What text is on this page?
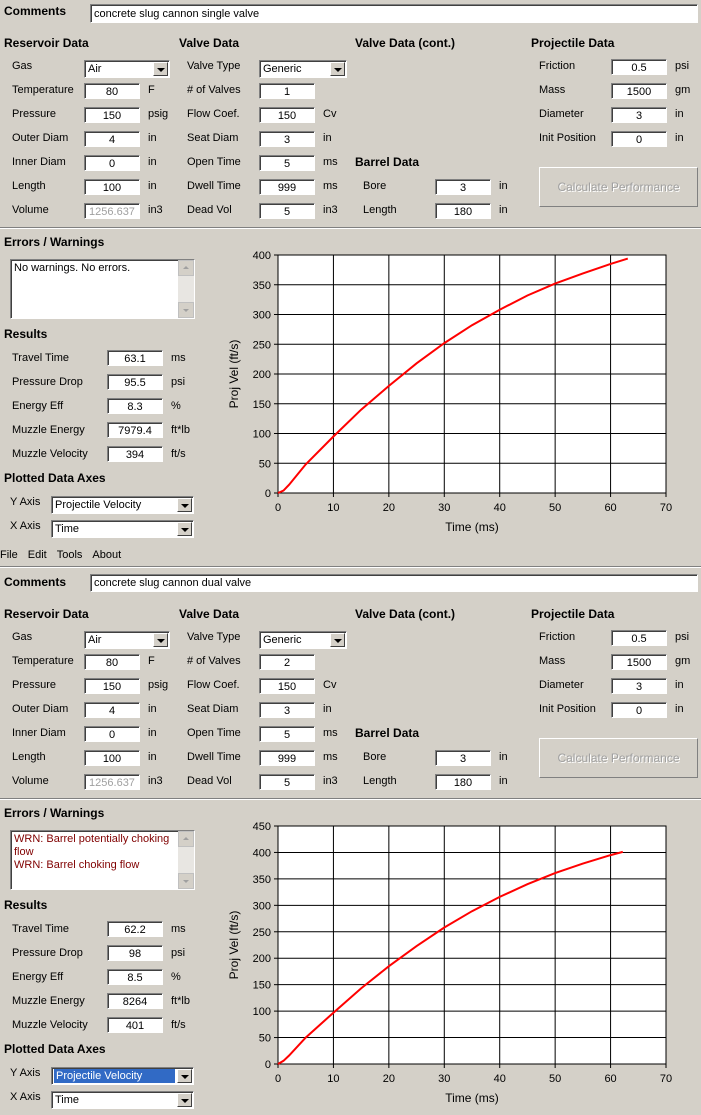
Comments	concrete slug cannon single valve
Reservoir Data	Valve Data	Valve Data (cont.)	Projectile Data
Gas	Air
Temperature	80	F
Pressure	150	psig
Outer Diam	4	in
Inner Diam	0	in
Length	100	in
Volume	1256.637	in3
Valve Type Generic
# of Valves	1
Flow Coef.	150	Cv
Seat Diam	3	in
Open Time	5	ms
Dwell Time	999	ms
Dead Vol	5	in3
Barrel Data
Bore	3	in
Length	180	in
Friction	0.5	psi
Mass	1500	gm
Diameter	3	in
Init Position	0	in
Calculate Performance
Errors / Warnings
No warnings. No errors.
Results
Travel Time	63.1	ms
Pressure Drop	95.5	psi
Energy Eff	8.3	%
Muzzle Energy	7979.4	ft*lb
Muzzle Velocity	394	ft/s
Plotted Data Axes
Y Axis Projectile Velocity
X Axis Time
0
50
100
150
200
250
300
350
400
0	10	20	30	40	50	60	70
Time (ms)
Proj Vel (ft/s)
File Edit Tools About
Comments	concrete slug cannon dual valve
Reservoir Data	Valve Data	Valve Data (cont.)	Projectile Data
Gas	Air
Temperature	80	F
Pressure	150	psig
Outer Diam	4	in
Inner Diam	0	in
Length	100	in
Volume	1256.637	in3
Valve Type Generic
# of Valves	2
Flow Coef.	150	Cv
Seat Diam	3	in
Open Time	5	ms
Dwell Time	999	ms
Dead Vol	5	in3
Barrel Data
Bore	3	in
Length	180	in
Friction	0.5	psi
Mass	1500	gm
Diameter	3	in
Init Position	0	in
Calculate Performance
Errors / Warnings
WRN: Barrel potentially choking flow
WRN: Barrel choking flow
Results
Travel Time	62.2	ms
Pressure Drop	98	psi
Energy Eff	8.5	%
Muzzle Energy	8264	ft*lb
Muzzle Velocity	401	ft/s
Plotted Data Axes
Y Axis Projectile Velocity
X Axis Time
0
50
100
150
200
250
300
350
400
450
0	10	20	30	40	50	60	70
Time (ms)
Proj Vel (ft/s)
